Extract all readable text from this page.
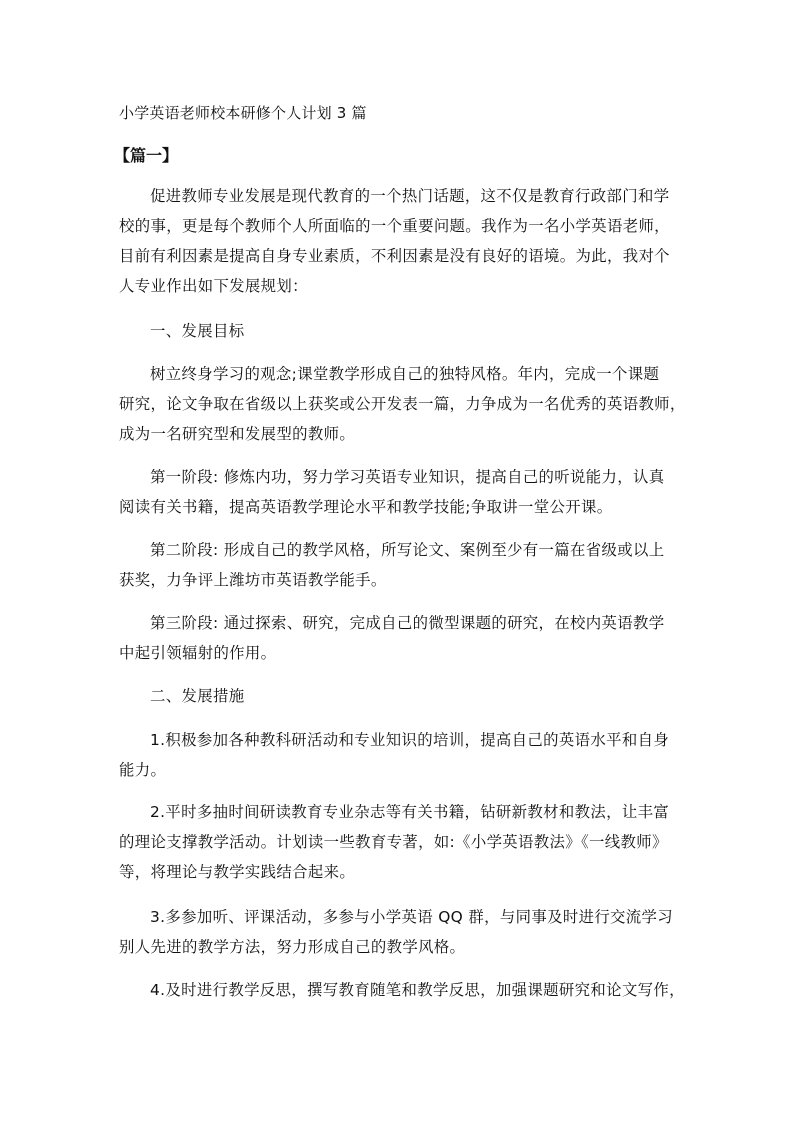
小学英语老师校本研修个人计划 3 篇
【篇一】
促进教师专业发展是现代教育的一个热门话题，这不仅是教育行政部门和学
校的事，更是每个教师个人所面临的一个重要问题。我作为一名小学英语老师，
目前有利因素是提高自身专业素质，不利因素是没有良好的语境。为此，我对个
人专业作出如下发展规划：
一、发展目标
树立终身学习的观念;课堂教学形成自己的独特风格。年内，完成一个课题
研究，论文争取在省级以上获奖或公开发表一篇，力争成为一名优秀的英语教师，
成为一名研究型和发展型的教师。
第一阶段: 修炼内功，努力学习英语专业知识，提高自己的听说能力，认真
阅读有关书籍，提高英语教学理论水平和教学技能;争取讲一堂公开课。
第二阶段: 形成自己的教学风格，所写论文、案例至少有一篇在省级或以上
获奖，力争评上潍坊市英语教学能手。
第三阶段: 通过探索、研究，完成自己的微型课题的研究，在校内英语教学
中起引领辐射的作用。
二、发展措施
1.积极参加各种教科研活动和专业知识的培训，提高自己的英语水平和自身
能力。
2.平时多抽时间研读教育专业杂志等有关书籍，钻研新教材和教法，让丰富
的理论支撑教学活动。计划读一些教育专著，如:《小学英语教法》《一线教师》
等，将理论与教学实践结合起来。
3.多参加听、评课活动，多参与小学英语 QQ 群，与同事及时进行交流学习
别人先进的教学方法，努力形成自己的教学风格。
4.及时进行教学反思，撰写教育随笔和教学反思，加强课题研究和论文写作，
